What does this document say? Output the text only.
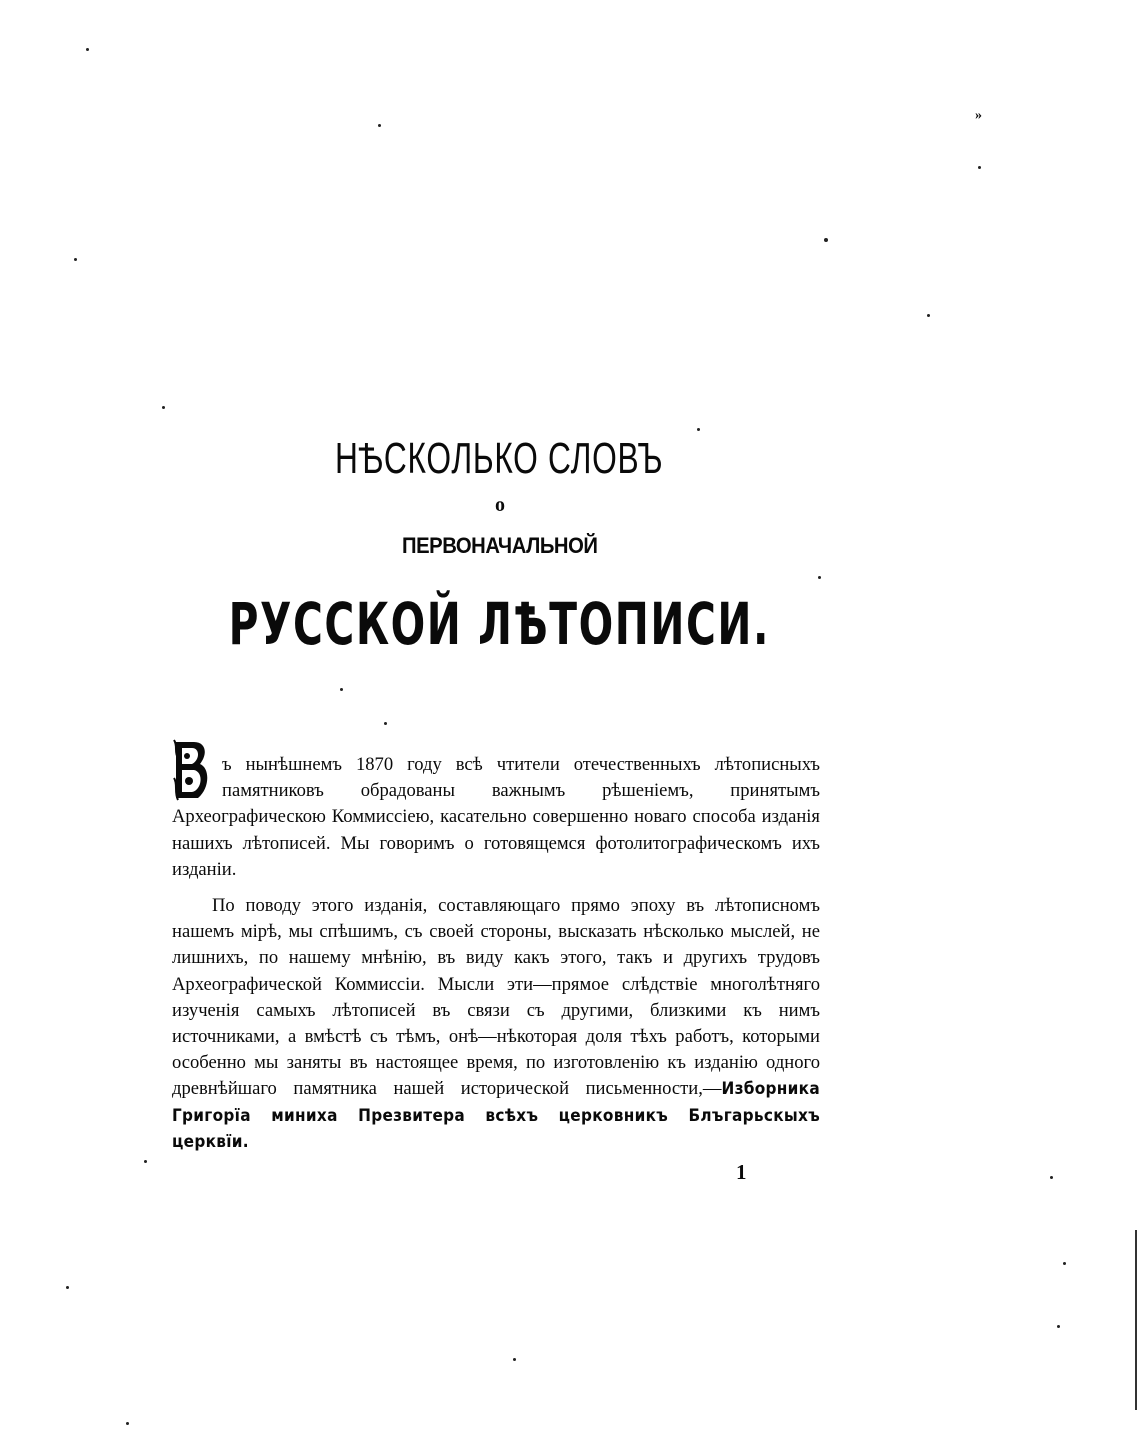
»
НѢСКОЛЬКО СЛОВЪ
о
ПЕРВОНАЧАЛЬНОЙ
РУССКОЙ ЛѢТОПИСИ.

ъ нынѣшнемъ 1870 году всѣ чтители отечественныхъ лѣтописныхъ памятниковъ обрадованы важнымъ рѣшеніемъ, принятымъ Археографическою Коммиссіею, касательно совершенно новаго способа изданія нашихъ лѣтописей. Мы говоримъ о готовящемся фотолитографическомъ ихъ изданіи.

По поводу этого изданія, составляющаго прямо эпоху въ лѣтописномъ нашемъ мірѣ, мы спѣшимъ, съ своей стороны, высказать нѣсколько мыслей, не лишнихъ, по нашему мнѣнію, въ виду какъ этого, такъ и другихъ трудовъ Археографической Коммиссіи. Мысли эти—прямое слѣдствіе многолѣтняго изученія самыхъ лѣтописей въ связи съ другими, близкими къ нимъ источниками, а вмѣстѣ съ тѣмъ, онѣ—нѣкоторая доля тѣхъ работъ, которыми особенно мы заняты въ настоящее время, по изготовленію къ изданію одного древнѣйшаго памятника нашей исторической письменности,—Изборника Григорїа миниха Презвитера всѣхъ церковникъ Блъгарьскыхъ церквїи.

1
